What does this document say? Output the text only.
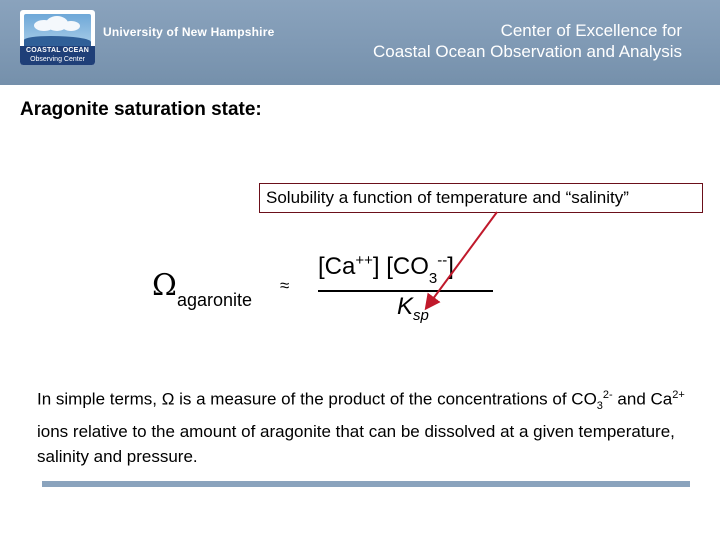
COASTAL OCEAN
Observing Center
University of New Hampshire	Center of Excellence for
Coastal Ocean Observation and Analysis
Aragonite saturation state:
Solubility a function of temperature and “salinity”
Ω agaronite
≈
[Ca++] $[CO_3^{--}]$
$K_{sp}$
In simple terms, Ω is a measure of the product of the concentrations of $CO_3^{2-}$ and $Ca^{2+}$ ions relative to the amount of aragonite that can be dissolved at a given temperature, salinity and pressure.
